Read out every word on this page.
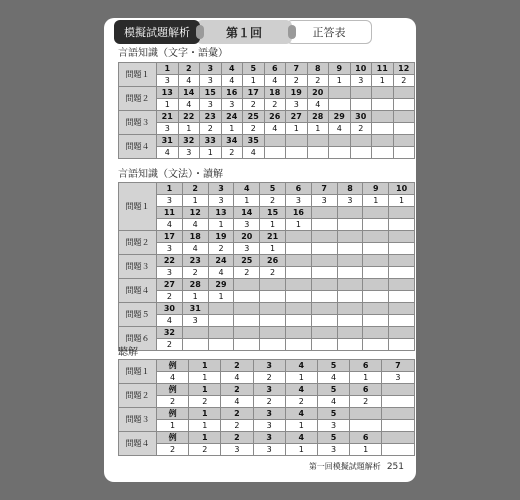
正答表
第１回
模擬試題解析
言語知識（文字・語彙）
問題１	1	2	3	4	5	6	7	8	9	10	11	12
	3	4	3	4	1	4	2	2	1	3	1	2
問題２	13	14	15	16	17	18	19	20				
	1	4	3	3	2	2	3	4				
問題３	21	22	23	24	25	26	27	28	29	30		
	3	1	2	1	2	4	1	1	4	2		
問題４	31	32	33	34	35							
	4	3	1	2	4							
言語知識（文法）・讀解
問題１	1	2	3	4	5	6	7	8	9	10
	3	1	3	1	2	3	3	3	1	1
	11	12	13	14	15	16				
	4	4	1	3	1	1				
問題２	17	18	19	20	21					
	3	4	2	3	1					
問題３	22	23	24	25	26					
	3	2	4	2	2					
問題４	27	28	29							
	2	1	1							
問題５	30	31								
	4	3								
問題６	32									
	2									
聽解
問題１	例	1	2	3	4	5	6	7
	4	1	4	2	1	4	1	3
問題２	例	1	2	3	4	5	6	
	2	2	4	2	2	4	2	
問題３	例	1	2	3	4	5		
	1	1	2	3	1	3		
問題４	例	1	2	3	4	5	6	
	2	2	3	3	1	3	1	
第一回模擬試題解析 251
